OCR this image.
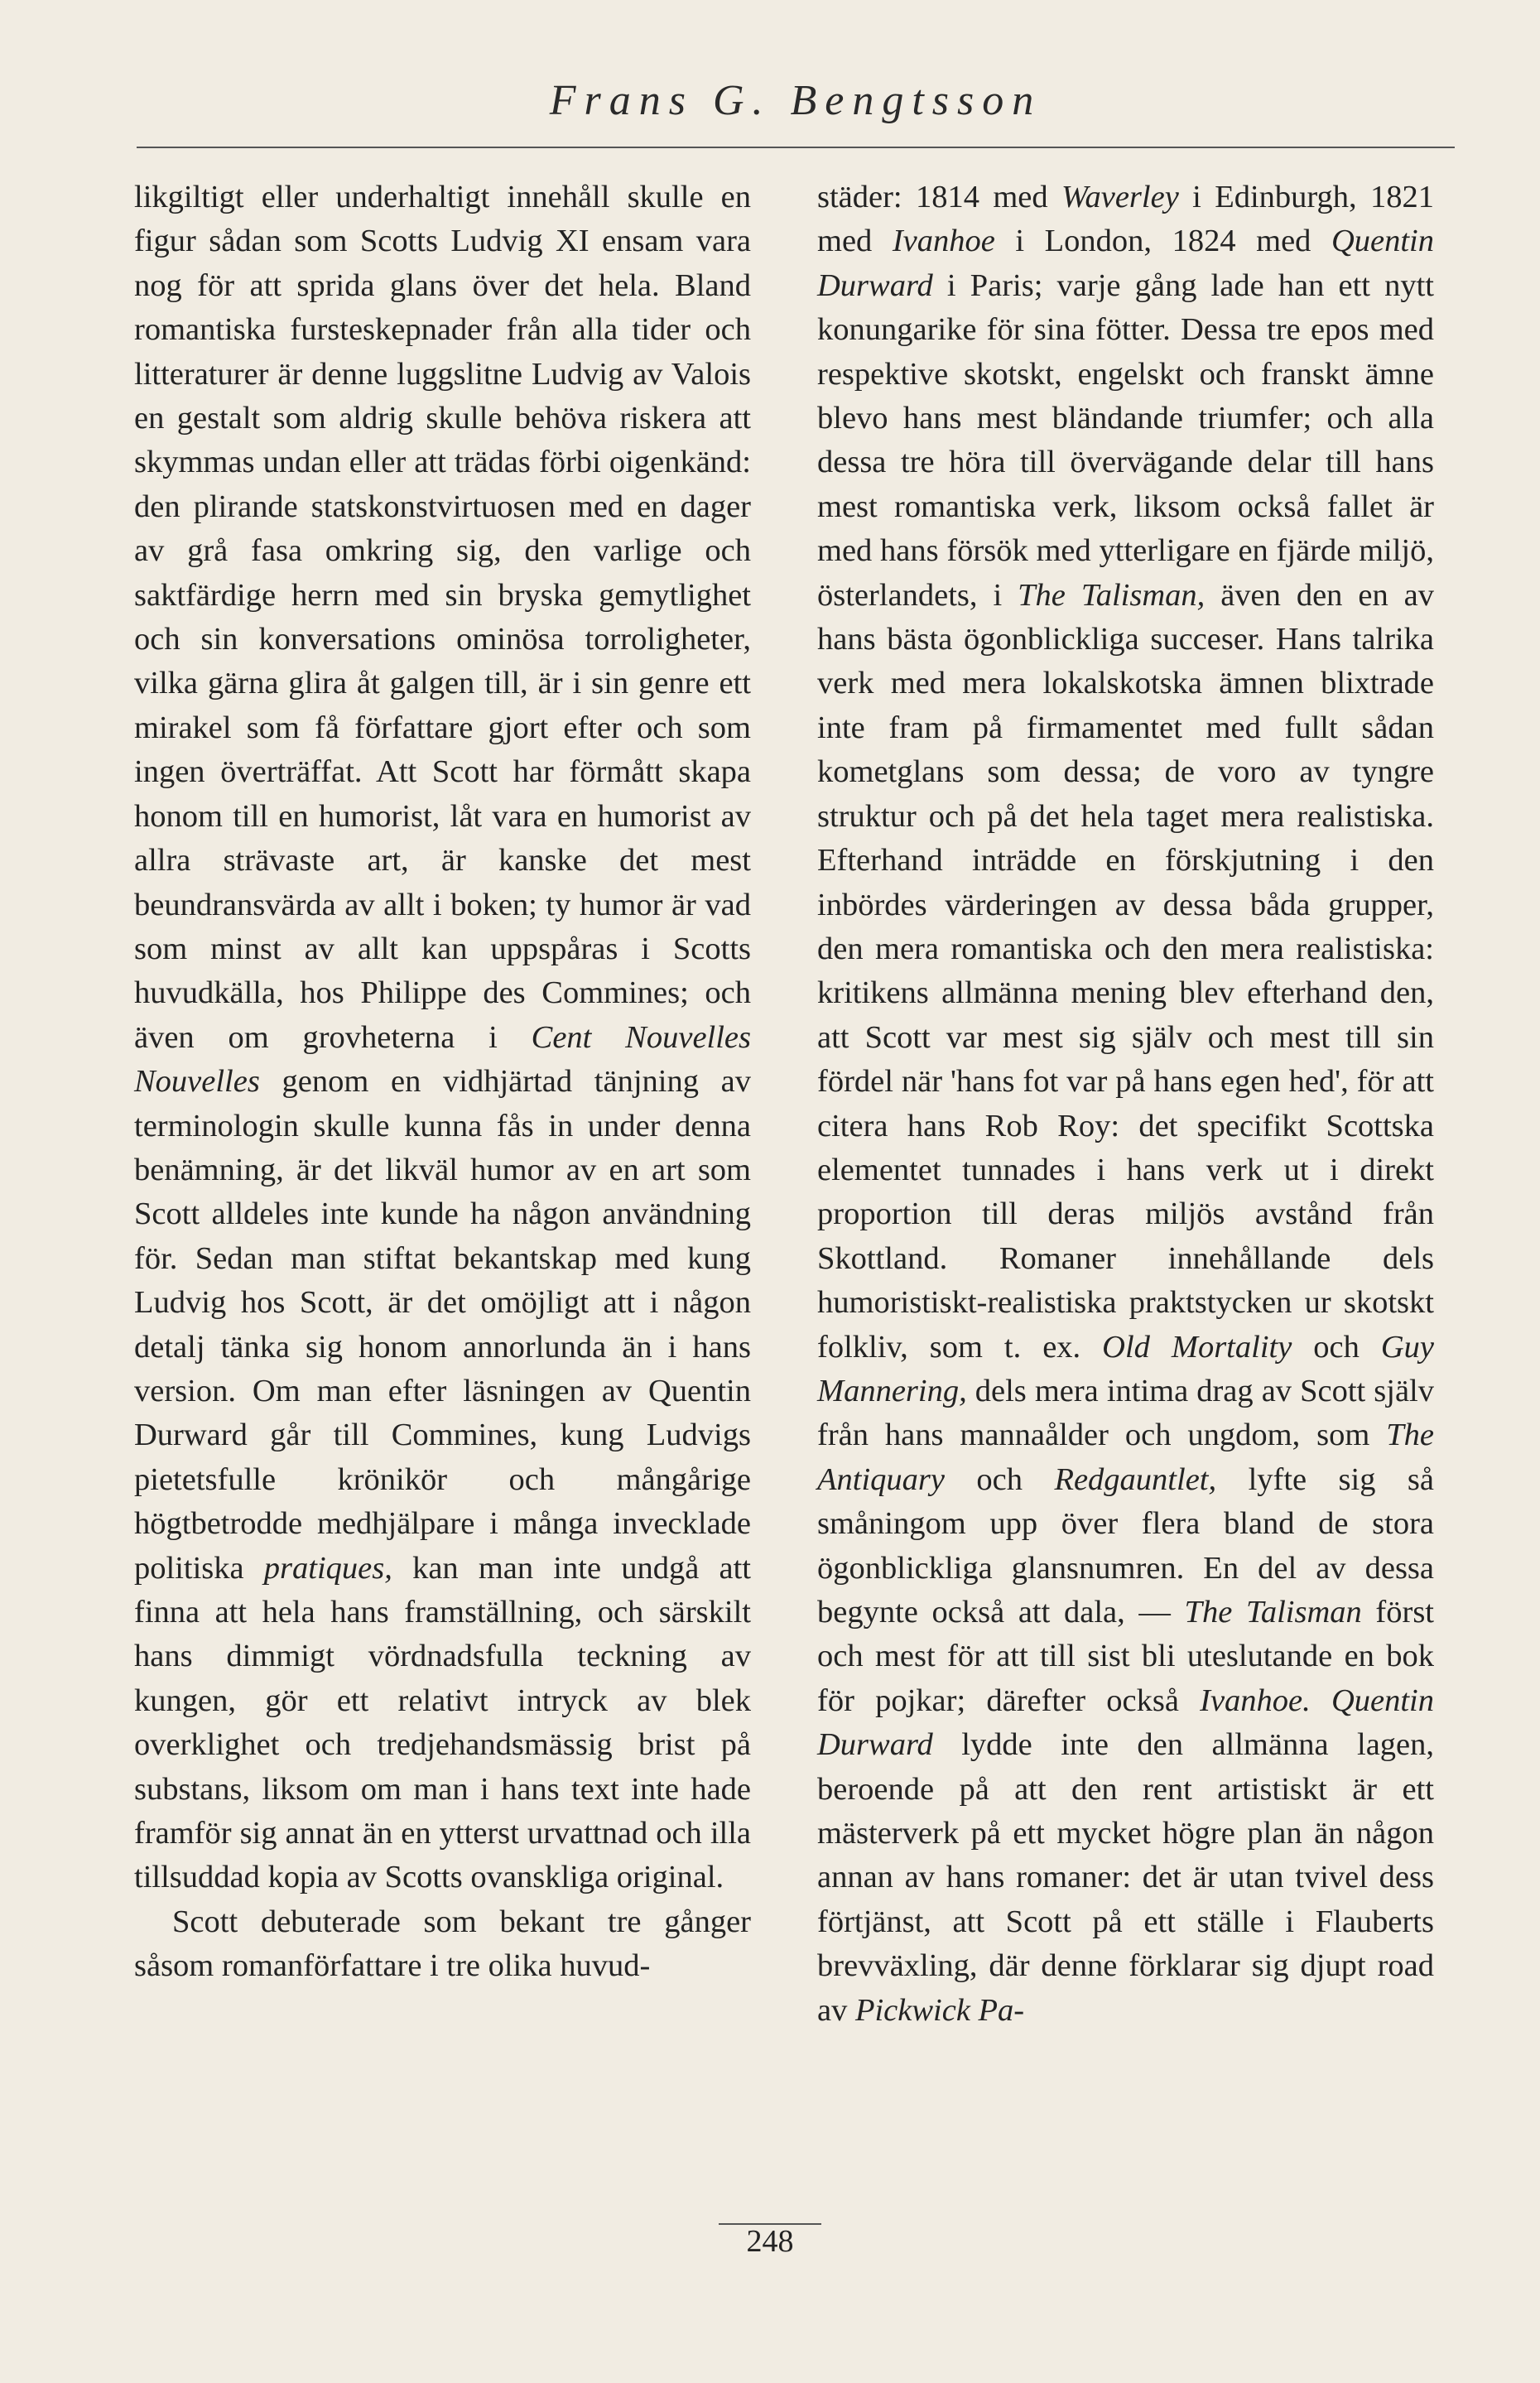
Frans G. Bengtsson

likgiltigt eller underhaltigt innehåll skulle en figur sådan som Scotts Ludvig XI ensam vara nog för att sprida glans över det hela. Bland romantiska fursteskepnader från alla tider och litteraturer är denne luggslitne Ludvig av Valois en gestalt som aldrig skulle behöva riskera att skymmas undan eller att trädas förbi oigenkänd: den plirande statskonstvirtuosen med en dager av grå fasa omkring sig, den varlige och saktfärdige herrn med sin bryska gemytlighet och sin konversations ominösa torroligheter, vilka gärna glira åt galgen till, är i sin genre ett mirakel som få författare gjort efter och som ingen överträffat. Att Scott har förmått skapa honom till en humorist, låt vara en humorist av allra strävaste art, är kanske det mest beundransvärda av allt i boken; ty humor är vad som minst av allt kan uppspåras i Scotts huvudkälla, hos Philippe des Commines; och även om grovheterna i Cent Nouvelles Nouvelles genom en vidhjärtad tänjning av terminologin skulle kunna fås in under denna benämning, är det likväl humor av en art som Scott alldeles inte kunde ha någon användning för. Sedan man stiftat bekantskap med kung Ludvig hos Scott, är det omöjligt att i någon detalj tänka sig honom annorlunda än i hans version. Om man efter läsningen av Quentin Durward går till Commines, kung Ludvigs pietetsfulle krönikör och mångårige högtbetrodde medhjälpare i många invecklade politiska pratiques, kan man inte undgå att finna att hela hans framställning, och särskilt hans dimmigt vördnadsfulla teckning av kungen, gör ett relativt intryck av blek overklighet och tredjehandsmässig brist på substans, liksom om man i hans text inte hade framför sig annat än en ytterst urvattnad och illa tillsuddad kopia av Scotts ovanskliga original.

Scott debuterade som bekant tre gånger såsom romanförfattare i tre olika huvud-

städer: 1814 med Waverley i Edinburgh, 1821 med Ivanhoe i London, 1824 med Quentin Durward i Paris; varje gång lade han ett nytt konungarike för sina fötter. Dessa tre epos med respektive skotskt, engelskt och franskt ämne blevo hans mest bländande triumfer; och alla dessa tre höra till övervägande delar till hans mest romantiska verk, liksom också fallet är med hans försök med ytterligare en fjärde miljö, österlandets, i The Talisman, även den en av hans bästa ögonblickliga succeser. Hans talrika verk med mera lokalskotska ämnen blixtrade inte fram på firmamentet med fullt sådan kometglans som dessa; de voro av tyngre struktur och på det hela taget mera realistiska. Efterhand inträdde en förskjutning i den inbördes värderingen av dessa båda grupper, den mera romantiska och den mera realistiska: kritikens allmänna mening blev efterhand den, att Scott var mest sig själv och mest till sin fördel när 'hans fot var på hans egen hed', för att citera hans Rob Roy: det specifikt Scottska elementet tunnades i hans verk ut i direkt proportion till deras miljös avstånd från Skottland. Romaner innehållande dels humoristiskt-realistiska praktstycken ur skotskt folkliv, som t. ex. Old Mortality och Guy Mannering, dels mera intima drag av Scott själv från hans mannaålder och ungdom, som The Antiquary och Redgauntlet, lyfte sig så småningom upp över flera bland de stora ögonblickliga glansnumren. En del av dessa begynte också att dala, — The Talisman först och mest för att till sist bli uteslutande en bok för pojkar; därefter också Ivanhoe. Quentin Durward lydde inte den allmänna lagen, beroende på att den rent artistiskt är ett mästerverk på ett mycket högre plan än någon annan av hans romaner: det är utan tvivel dess förtjänst, att Scott på ett ställe i Flauberts brevväxling, där denne förklarar sig djupt road av Pickwick Pa-

248
